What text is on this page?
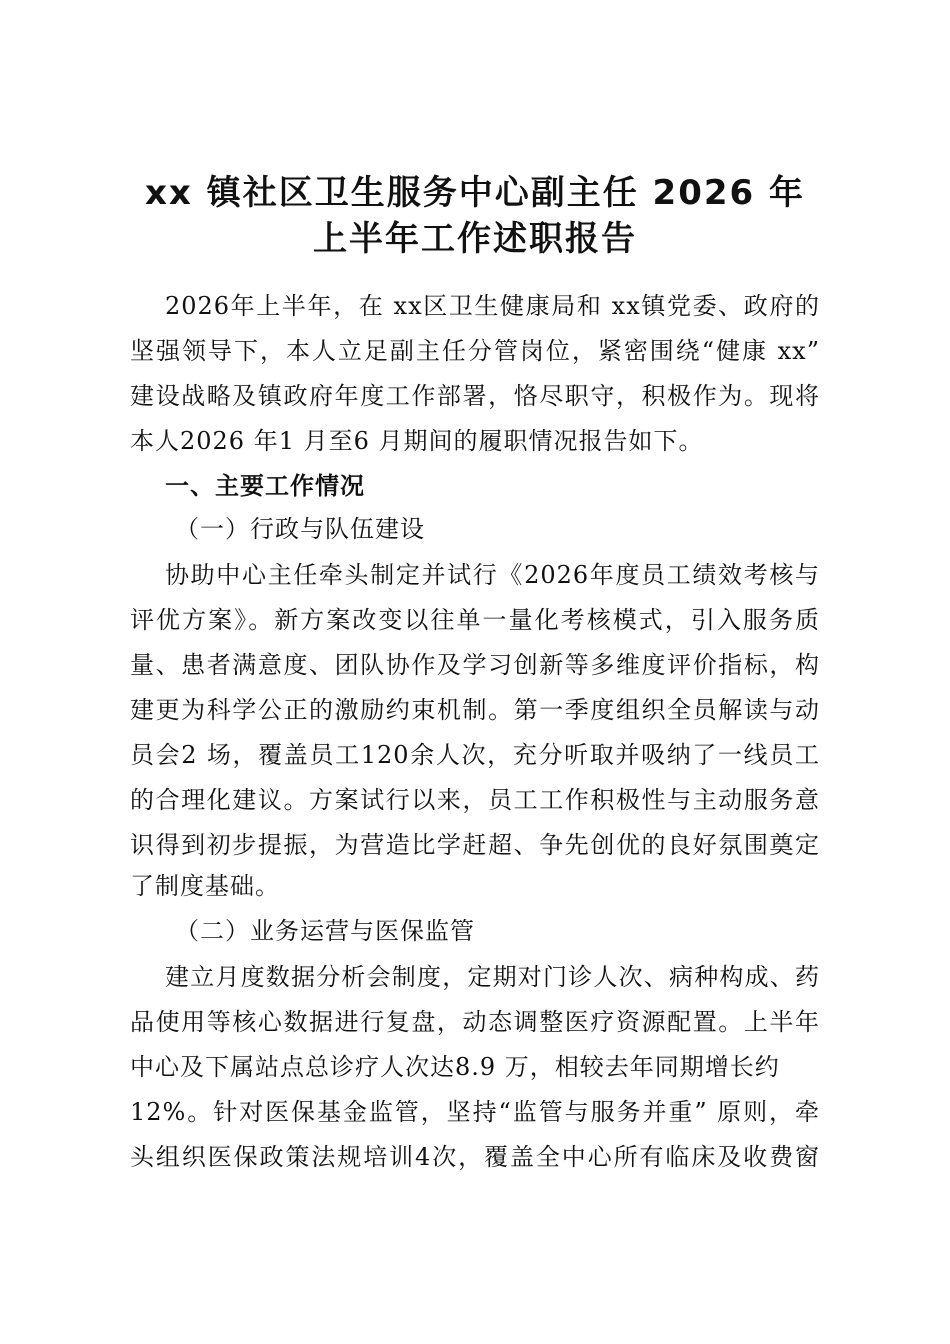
xx 镇社区卫生服务中心副主任 2026 年
上半年工作述职报告
2026年上半年，在 xx区卫生健康局和 xx镇党委、政府的
坚强领导下，本人立足副主任分管岗位，紧密围绕“健康 xx”
建设战略及镇政府年度工作部署，恪尽职守，积极作为。现将
本人2026 年1 月至6 月期间的履职情况报告如下。
一、主要工作情况
（一）行政与队伍建设
协助中心主任牵头制定并试行《2026年度员工绩效考核与
评优方案》。新方案改变以往单一量化考核模式，引入服务质
量、患者满意度、团队协作及学习创新等多维度评价指标，构
建更为科学公正的激励约束机制。第一季度组织全员解读与动
员会2 场，覆盖员工120余人次，充分听取并吸纳了一线员工
的合理化建议。方案试行以来，员工工作积极性与主动服务意
识得到初步提振，为营造比学赶超、争先创优的良好氛围奠定
了制度基础。
（二）业务运营与医保监管
建立月度数据分析会制度，定期对门诊人次、病种构成、药
品使用等核心数据进行复盘，动态调整医疗资源配置。上半年
中心及下属站点总诊疗人次达8.9 万，相较去年同期增长约
12%。针对医保基金监管，坚持“监管与服务并重” 原则，牵
头组织医保政策法规培训4次，覆盖全中心所有临床及收费窗
